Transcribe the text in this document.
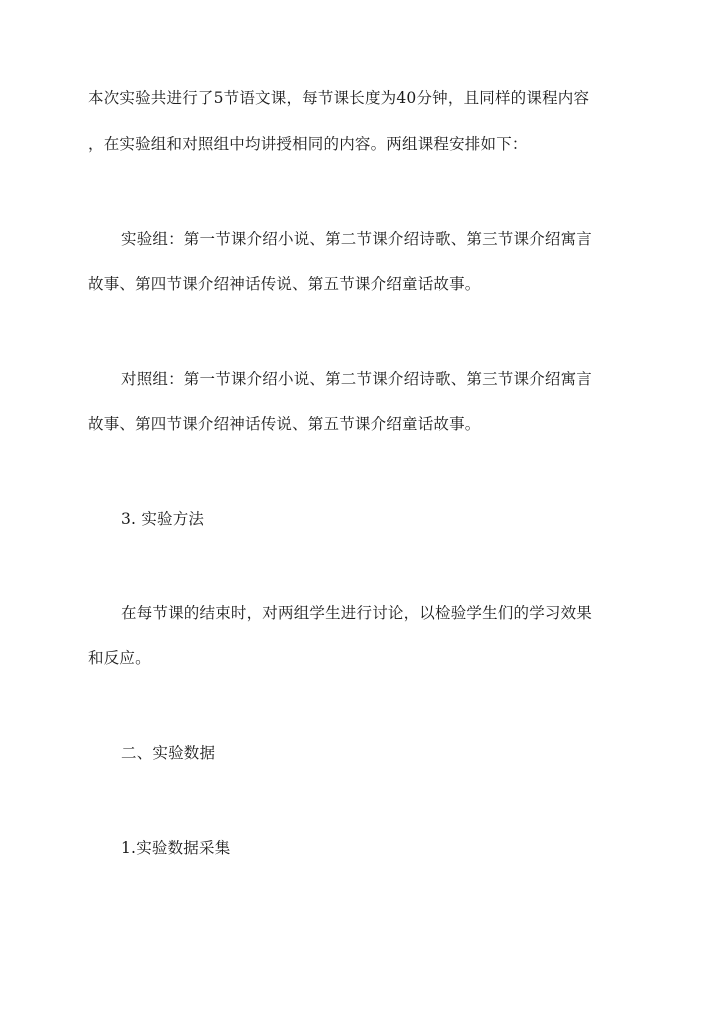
本次实验共进行了5节语文课，每节课长度为40分钟，且同样的课程内容
，在实验组和对照组中均讲授相同的内容。两组课程安排如下：
实验组：第一节课介绍小说、第二节课介绍诗歌、第三节课介绍寓言
故事、第四节课介绍神话传说、第五节课介绍童话故事。
对照组：第一节课介绍小说、第二节课介绍诗歌、第三节课介绍寓言
故事、第四节课介绍神话传说、第五节课介绍童话故事。
3. 实验方法
在每节课的结束时，对两组学生进行讨论，以检验学生们的学习效果
和反应。
二、实验数据
1.实验数据采集
